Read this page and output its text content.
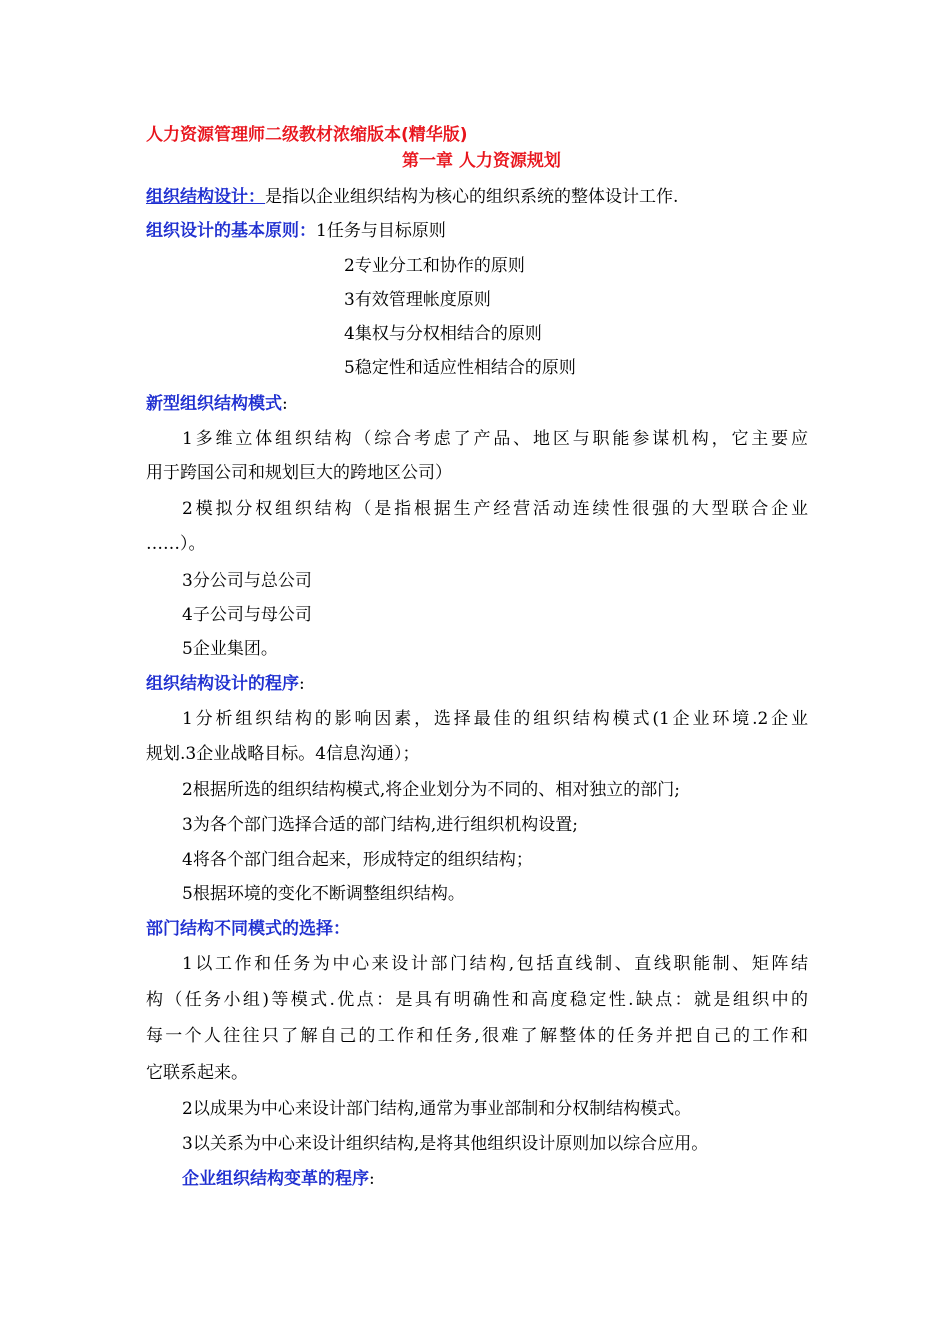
人力资源管理师二级教材浓缩版本(精华版)
第一章 人力资源规划
组织结构设计：是指以企业组织结构为核心的组织系统的整体设计工作.
组织设计的基本原则：1任务与目标原则
2专业分工和协作的原则
3有效管理帐度原则
4集权与分权相结合的原则
5稳定性和适应性相结合的原则
新型组织结构模式:
1多维立体组织结构（综合考虑了产品、地区与职能参谋机构，它主要应
用于跨国公司和规划巨大的跨地区公司）
2模拟分权组织结构（是指根据生产经营活动连续性很强的大型联合企业
……）。
3分公司与总公司
4子公司与母公司
5企业集团。
组织结构设计的程序:
1分析组织结构的影响因素，选择最佳的组织结构模式(1企业环境.2企业
规划.3企业战略目标。4信息沟通）；
2根据所选的组织结构模式,将企业划分为不同的、相对独立的部门;
3为各个部门选择合适的部门结构,进行组织机构设置;
4将各个部门组合起来，形成特定的组织结构；
5根据环境的变化不断调整组织结构。
部门结构不同模式的选择：
1以工作和任务为中心来设计部门结构,包括直线制、直线职能制、矩阵结
构（任务小组)等模式.优点：是具有明确性和高度稳定性.缺点：就是组织中的
每一个人往往只了解自己的工作和任务,很难了解整体的任务并把自己的工作和
它联系起来。
2以成果为中心来设计部门结构,通常为事业部制和分权制结构模式。
3以关系为中心来设计组织结构,是将其他组织设计原则加以综合应用。
企业组织结构变革的程序:
